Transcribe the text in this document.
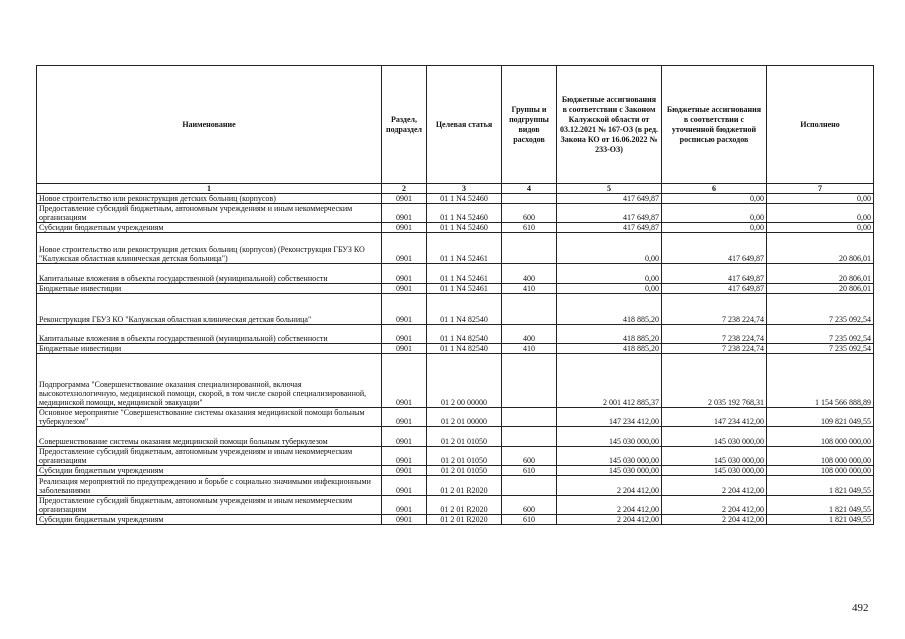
Наименование	Раздел, подраздел	Целевая статья	Группы и подгруппы видов расходов	Бюджетные ассигнования в соответствии с Законом Калужской области от 03.12.2021 № 167-ОЗ (в ред. Закона КО от 16.06.2022 № 233-ОЗ)	Бюджетные ассигнования в соответствии с уточненной бюджетной росписью расходов	Исполнено
1	2	3	4	5	6	7
Новое строительство или реконструкция детских больниц (корпусов)	0901	01 1 N4 52460		417 649,87	0,00	0,00
Предоставление субсидий бюджетным, автономным учреждениям и иным некоммерческим организациям	0901	01 1 N4 52460	600	417 649,87	0,00	0,00
Субсидии бюджетным учреждениям	0901	01 1 N4 52460	610	417 649,87	0,00	0,00
Новое строительство или реконструкция детских больниц (корпусов) (Реконструкция ГБУЗ КО "Калужская областная клиническая детская больница")	0901	01 1 N4 52461		0,00	417 649,87	20 806,01
Капитальные вложения в объекты государственной (муниципальной) собственности	0901	01 1 N4 52461	400	0,00	417 649,87	20 806,01
Бюджетные инвестиции	0901	01 1 N4 52461	410	0,00	417 649,87	20 806,01
Реконструкция ГБУЗ КО "Калужская областная клиническая детская больница"	0901	01 1 N4 82540		418 885,20	7 238 224,74	7 235 092,54
Капитальные вложения в объекты государственной (муниципальной) собственности	0901	01 1 N4 82540	400	418 885,20	7 238 224,74	7 235 092,54
Бюджетные инвестиции	0901	01 1 N4 82540	410	418 885,20	7 238 224,74	7 235 092,54
Подпрограмма "Совершенствование оказания специализированной, включая высокотехнологичную, медицинской помощи, скорой, в том числе скорой специализированной, медицинской помощи, медицинской эвакуации"	0901	01 2 00 00000		2 001 412 885,37	2 035 192 768,31	1 154 566 888,89
Основное мероприятие "Совершенствование системы оказания медицинской помощи больным туберкулезом"	0901	01 2 01 00000		147 234 412,00	147 234 412,00	109 821 049,55
Совершенствование системы оказания медицинской помощи больным туберкулезом	0901	01 2 01 01050		145 030 000,00	145 030 000,00	108 000 000,00
Предоставление субсидий бюджетным, автономным учреждениям и иным некоммерческим организациям	0901	01 2 01 01050	600	145 030 000,00	145 030 000,00	108 000 000,00
Субсидии бюджетным учреждениям	0901	01 2 01 01050	610	145 030 000,00	145 030 000,00	108 000 000,00
Реализация мероприятий по предупреждению и борьбе с социально значимыми инфекционными заболеваниями	0901	01 2 01 R2020		2 204 412,00	2 204 412,00	1 821 049,55
Предоставление субсидий бюджетным, автономным учреждениям и иным некоммерческим организациям	0901	01 2 01 R2020	600	2 204 412,00	2 204 412,00	1 821 049,55
Субсидии бюджетным учреждениям	0901	01 2 01 R2020	610	2 204 412,00	2 204 412,00	1 821 049,55
492
